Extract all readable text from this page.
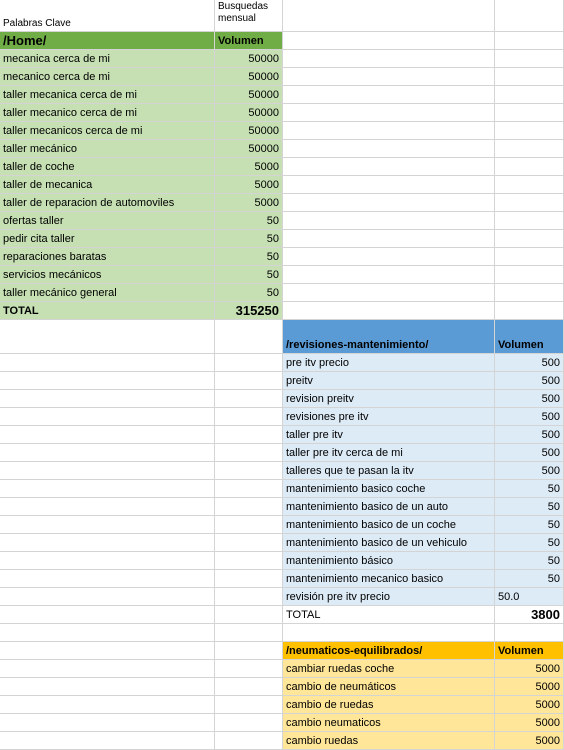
Palabras Clave
Busquedas mensual
/Home/	Volumen
mecanica cerca de mi	50000
mecanico cerca de mi	50000
taller mecanica cerca de mi	50000
taller mecanico cerca de mi	50000
taller mecanicos cerca de mi	50000
taller mecánico	50000
taller de coche	5000
taller de mecanica	5000
taller de reparacion de automoviles	5000
ofertas taller	50
pedir cita taller	50
reparaciones baratas	50
servicios mecánicos	50
taller mecánico general	50
TOTAL	315250
/revisiones-mantenimiento/	Volumen
pre itv precio	500
preitv	500
revision preitv	500
revisiones pre itv	500
taller pre itv	500
taller pre itv cerca de mi	500
talleres que te pasan la itv	500
mantenimiento basico coche	50
mantenimiento basico de un auto	50
mantenimiento basico de un coche	50
mantenimiento basico de un vehiculo	50
mantenimiento básico	50
mantenimiento mecanico basico	50
revisión pre itv precio	50.0
TOTAL	3800
/neumaticos-equilibrados/	Volumen
cambiar ruedas coche	5000
cambio de neumáticos	5000
cambio de ruedas	5000
cambio neumaticos	5000
cambio ruedas	5000
